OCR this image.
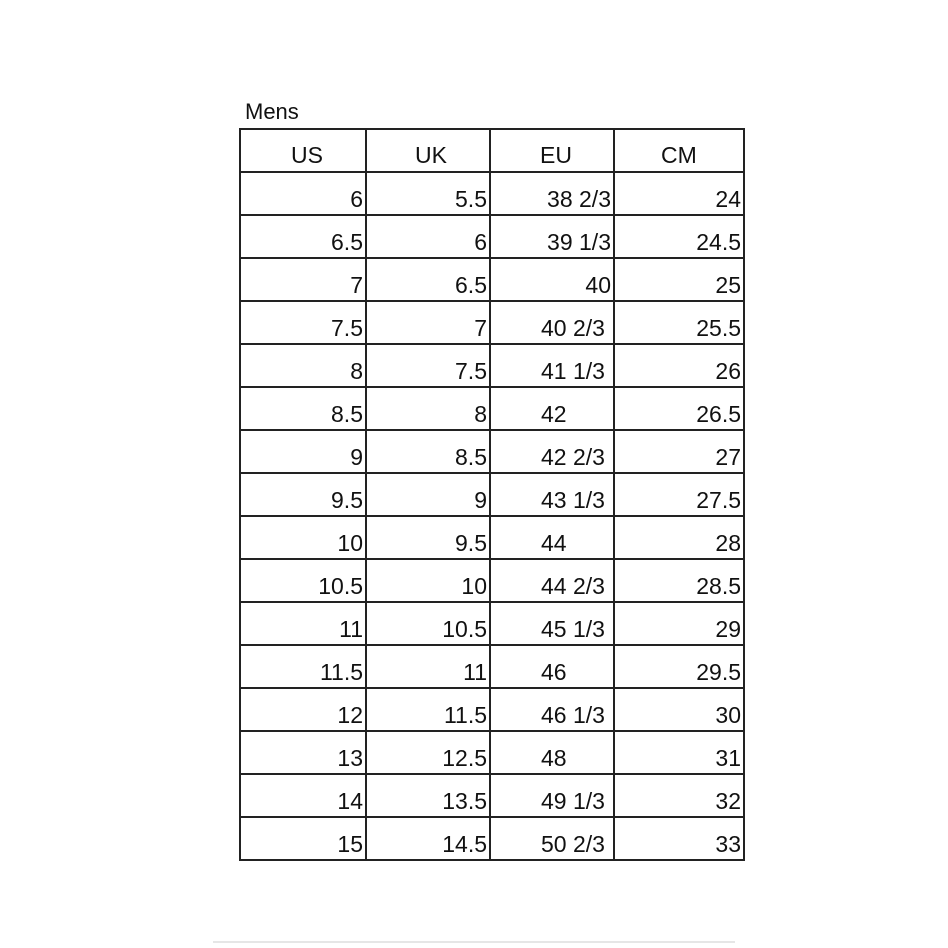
Mens
US	UK	EU	CM
6	5.5	38 2/3	24
6.5	6	39 1/3	24.5
7	6.5	40	25
7.5	7	40 2/3	25.5
8	7.5	41 1/3	26
8.5	8	42	26.5
9	8.5	42 2/3	27
9.5	9	43 1/3	27.5
10	9.5	44	28
10.5	10	44 2/3	28.5
11	10.5	45 1/3	29
11.5	11	46	29.5
12	11.5	46 1/3	30
13	12.5	48	31
14	13.5	49 1/3	32
15	14.5	50 2/3	33
